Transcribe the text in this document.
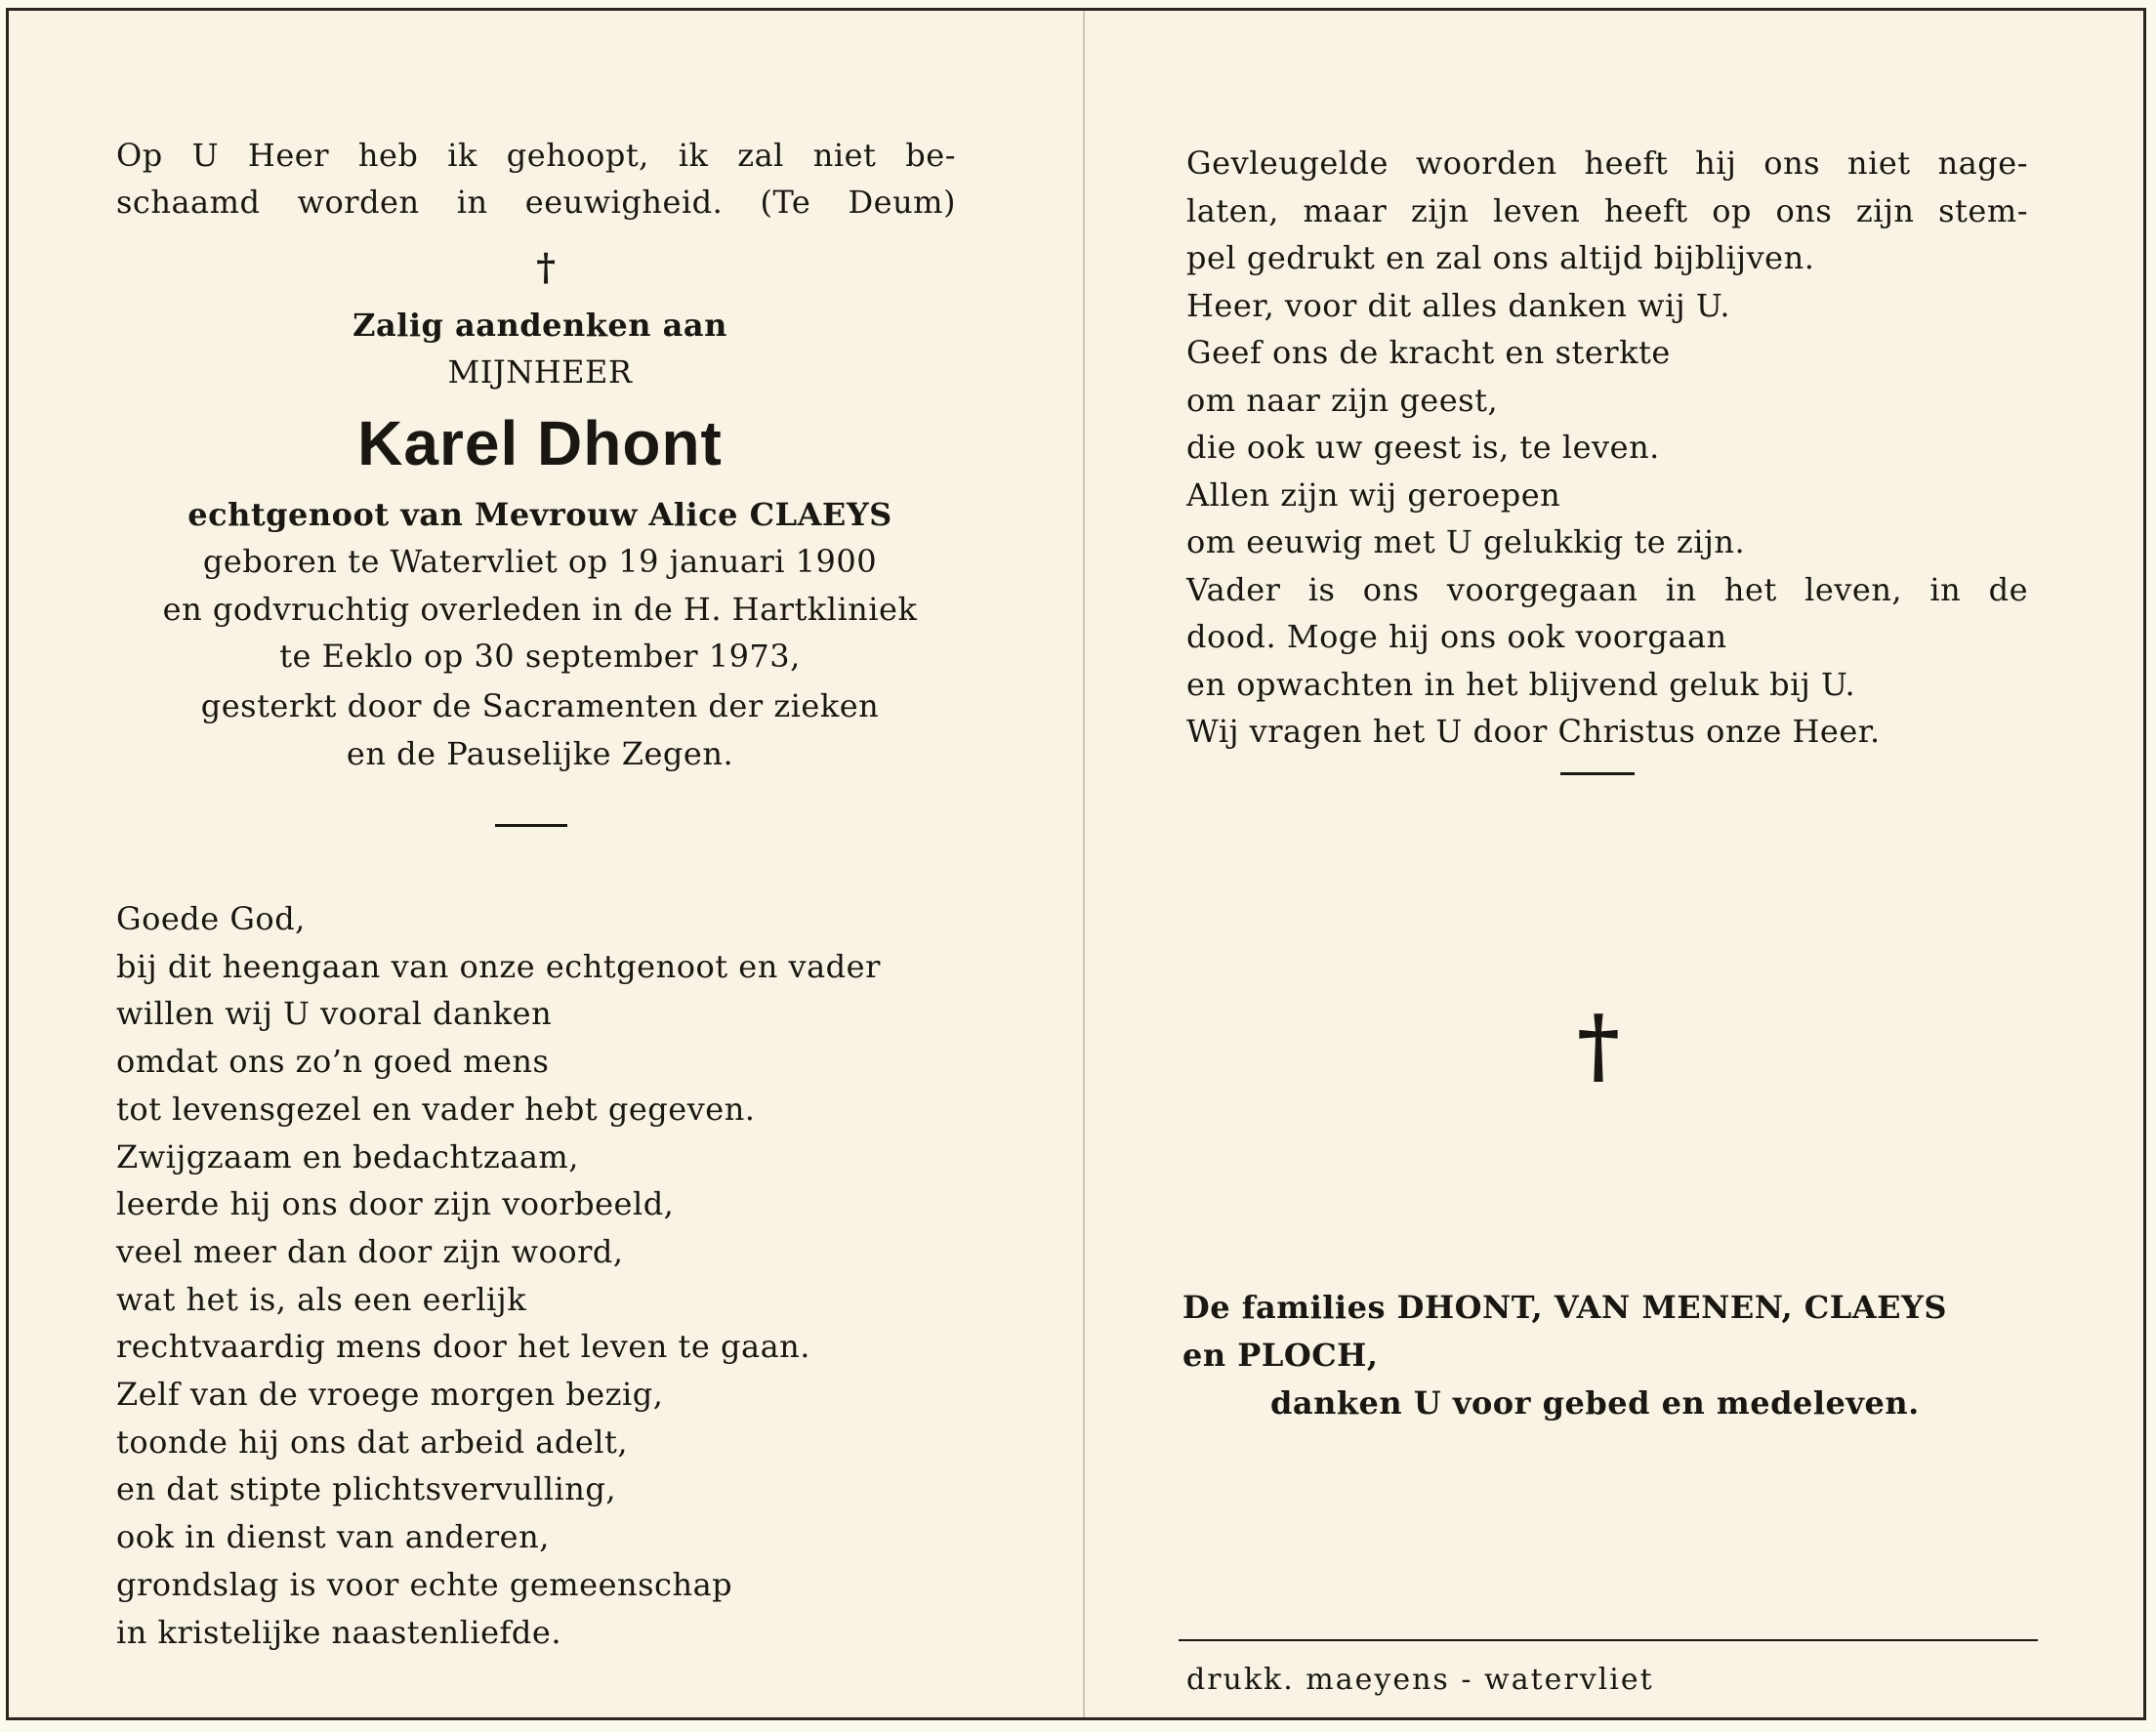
Op U Heer heb ik gehoopt, ik zal niet be-
schaamd worden in eeuwigheid. (Te Deum)
†
Zalig aandenken aan
MIJNHEER
Karel Dhont
echtgenoot van Mevrouw Alice CLAEYS
geboren te Watervliet op 19 januari 1900
en godvruchtig overleden in de H. Hartkliniek
te Eeklo op 30 september 1973,
gesterkt door de Sacramenten der zieken
en de Pauselijke Zegen.
Goede God,
bij dit heengaan van onze echtgenoot en vader
willen wij U vooral danken
omdat ons zo’n goed mens
tot levensgezel en vader hebt gegeven.
Zwijgzaam en bedachtzaam,
leerde hij ons door zijn voorbeeld,
veel meer dan door zijn woord,
wat het is, als een eerlijk
rechtvaardig mens door het leven te gaan.
Zelf van de vroege morgen bezig,
toonde hij ons dat arbeid adelt,
en dat stipte plichtsvervulling,
ook in dienst van anderen,
grondslag is voor echte gemeenschap
in kristelijke naastenliefde.
Gevleugelde woorden heeft hij ons niet nage-
laten, maar zijn leven heeft op ons zijn stem-
pel gedrukt en zal ons altijd bijblijven.
Heer, voor dit alles danken wij U.
Geef ons de kracht en sterkte
om naar zijn geest,
die ook uw geest is, te leven.
Allen zijn wij geroepen
om eeuwig met U gelukkig te zijn.
Vader is ons voorgegaan in het leven, in de
dood. Moge hij ons ook voorgaan
en opwachten in het blijvend geluk bij U.
Wij vragen het U door Christus onze Heer.
†
De families DHONT, VAN MENEN, CLAEYS
en PLOCH,
danken U voor gebed en medeleven.
drukk. maeyens - watervliet
